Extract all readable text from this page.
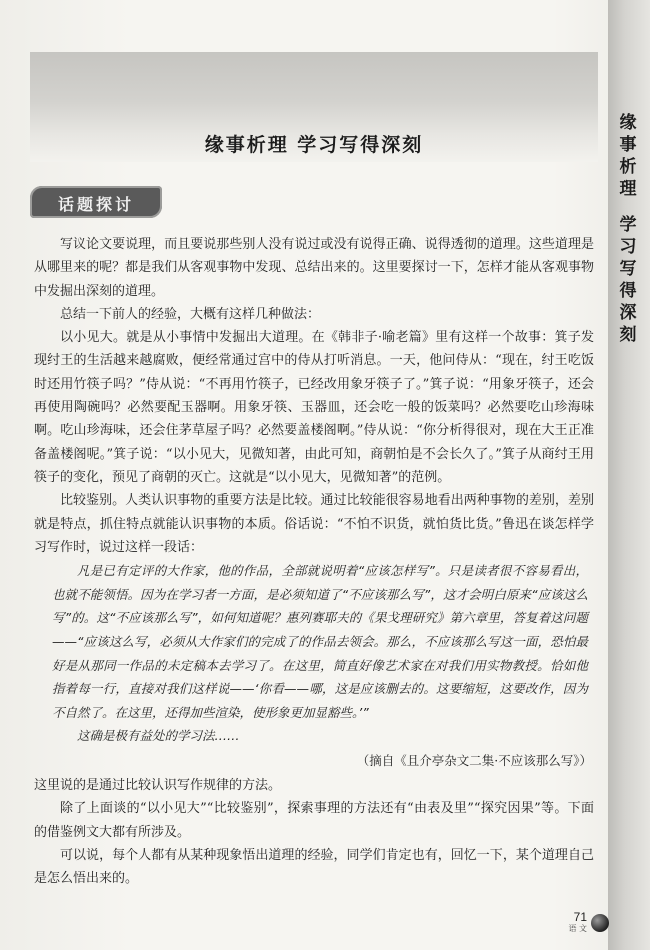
缘
事
析
理
学
习
写
得
深
刻
缘事析理 学习写得深刻
话题探讨

写议论文要说理，而且要说那些别人没有说过或没有说得正确、说得透彻的道理。这些道理是从哪里来的呢？都是我们从客观事物中发现、总结出来的。这里要探讨一下，怎样才能从客观事物中发掘出深刻的道理。

总结一下前人的经验，大概有这样几种做法：

以小见大。就是从小事情中发掘出大道理。在《韩非子·喻老篇》里有这样一个故事：箕子发现纣王的生活越来越腐败，便经常通过宫中的侍从打听消息。一天，他问侍从：“现在，纣王吃饭时还用竹筷子吗？”侍从说：“不再用竹筷子，已经改用象牙筷子了。”箕子说：“用象牙筷子，还会再使用陶碗吗？必然要配玉器啊。用象牙筷、玉器皿，还会吃一般的饭菜吗？必然要吃山珍海味啊。吃山珍海味，还会住茅草屋子吗？必然要盖楼阁啊。”侍从说：“你分析得很对，现在大王正准备盖楼阁呢。”箕子说：“以小见大，见微知著，由此可知，商朝怕是不会长久了。”箕子从商纣王用筷子的变化，预见了商朝的灭亡。这就是“以小见大，见微知著”的范例。

比较鉴别。人类认识事物的重要方法是比较。通过比较能很容易地看出两种事物的差别，差别就是特点，抓住特点就能认识事物的本质。俗话说：“不怕不识货，就怕货比货。”鲁迅在谈怎样学习写作时，说过这样一段话：

凡是已有定评的大作家，他的作品，全部就说明着“应该怎样写”。只是读者很不容易看出，也就不能领悟。因为在学习者一方面，是必须知道了“不应该那么写”，这才会明白原来“应该这么写”的。这“不应该那么写”，如何知道呢？惠列赛耶夫的《果戈理研究》第六章里，答复着这问题——“应该这么写，必须从大作家们的完成了的作品去领会。那么，不应该那么写这一面，恐怕最好是从那同一作品的未定稿本去学习了。在这里，简直好像艺术家在对我们用实物教授。恰如他指着每一行，直接对我们这样说——‘你看——哪，这是应该删去的。这要缩短，这要改作，因为不自然了。在这里，还得加些渲染，使形象更加显豁些。’”

这确是极有益处的学习法……

（摘自《且介亭杂文二集·不应该那么写》）

这里说的是通过比较认识写作规律的方法。

除了上面谈的“以小见大”“比较鉴别”，探索事理的方法还有“由表及里”“探究因果”等。下面的借鉴例文大都有所涉及。

可以说，每个人都有从某种现象悟出道理的经验，同学们肯定也有，回忆一下，某个道理自己是怎么悟出来的。

71
语 文
